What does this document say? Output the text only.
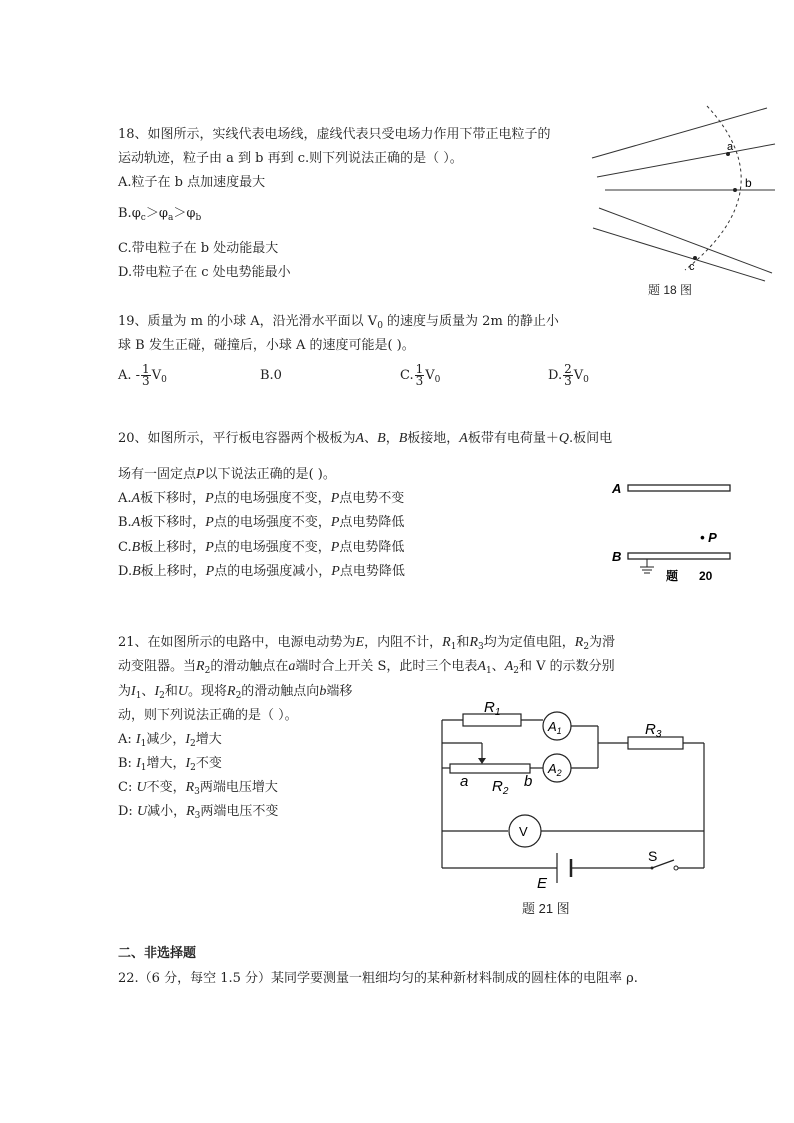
18、如图所示，实线代表电场线，虚线代表只受电场力作用下带正电粒子的
运动轨迹，粒子由 a 到 b 再到 c.则下列说法正确的是（ ）。
A.粒子在 b 点加速度最大
$B.\varphi_c>\varphi_a>\varphi_b$
C.带电粒子在 b 处动能最大
D.带电粒子在 c 处电势能最小
a
b
c
题 18 图
19、质量为 m 的小球 A，沿光滑水平面以 $V_0$ 的速度与质量为 2m 的静止小
球 B 发生正碰，碰撞后，小球 A 的速度可能是( )。
A. - $\frac{1}{3} V_0$	B.0	C. $\frac{1}{3} V_0$	D. $\frac{2}{3} V_0$
20、如图所示，平行板电容器两个极板为A、B，B板接地，A板带有电荷量＋Q.板间电
场有一固定点P以下说法正确的是( )。
A.A板下移时，P点的电场强度不变，P点电势不变
B.A板下移时，P点的电场强度不变，P点电势降低
C.B板上移时，P点的电场强度不变，P点电势降低
D.B板上移时，P点的电场强度减小，P点电势降低
A
• P
B
题 20
21、在如图所示的电路中，电源电动势为E，内阻不计，$R_1$和$R_3$均为定值电阻，$R_2$为滑
动变阻器。当$R_2$的滑动触点在a端时合上开关 S，此时三个电表$A_1$、$A_2$和 V 的示数分别
为$I_1$、$I_2$和U。现将$R_2$的滑动触点向b端移
动，则下列说法正确的是（ ）。
A: $I_1$减少，$I_2$增大
B: $I_1$增大，$I_2$不变
C: U不变，$R_3$两端电压增大
D: U减小，$R_3$两端电压不变
$R_1$
$A_1$
$A_2$
$R_3$
a $R_2$
b
V
E
S
题 21 图
二、非选择题
22.（6 分，每空 1.5 分）某同学要测量一粗细均匀的某种新材料制成的圆柱体的电阻率 ρ.
